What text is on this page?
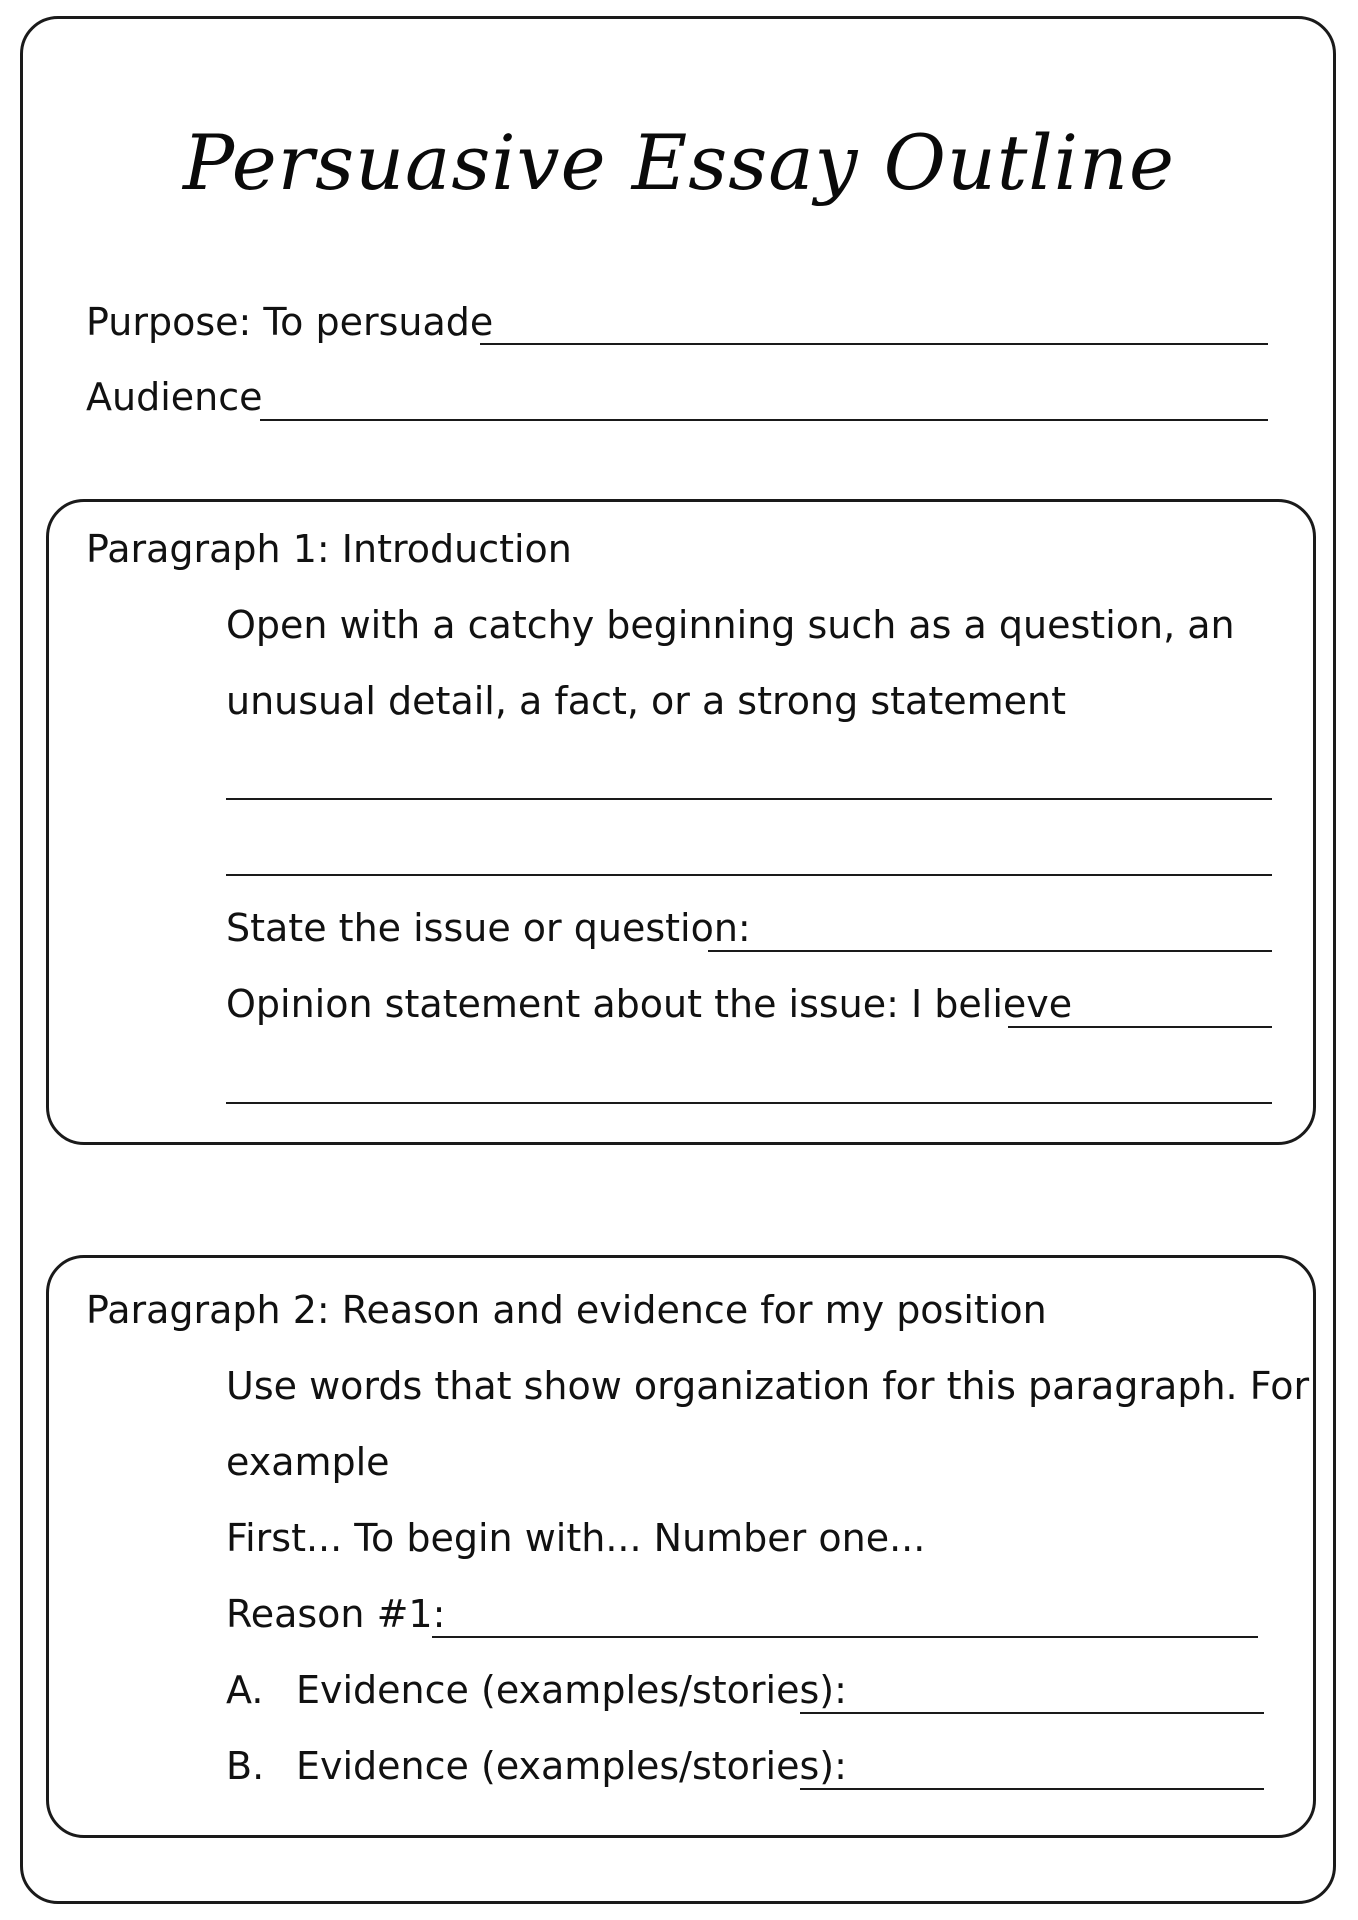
Persuasive Essay Outline
Purpose: To persuade
Audience
Paragraph 1: Introduction
Open with a catchy beginning such as a question, an
unusual detail, a fact, or a strong statement
State the issue or question:
Opinion statement about the issue: I believe
Paragraph 2: Reason and evidence for my position
Use words that show organization for this paragraph. For
example
First... To begin with... Number one...
Reason #1:
A. Evidence (examples/stories):
B. Evidence (examples/stories):
